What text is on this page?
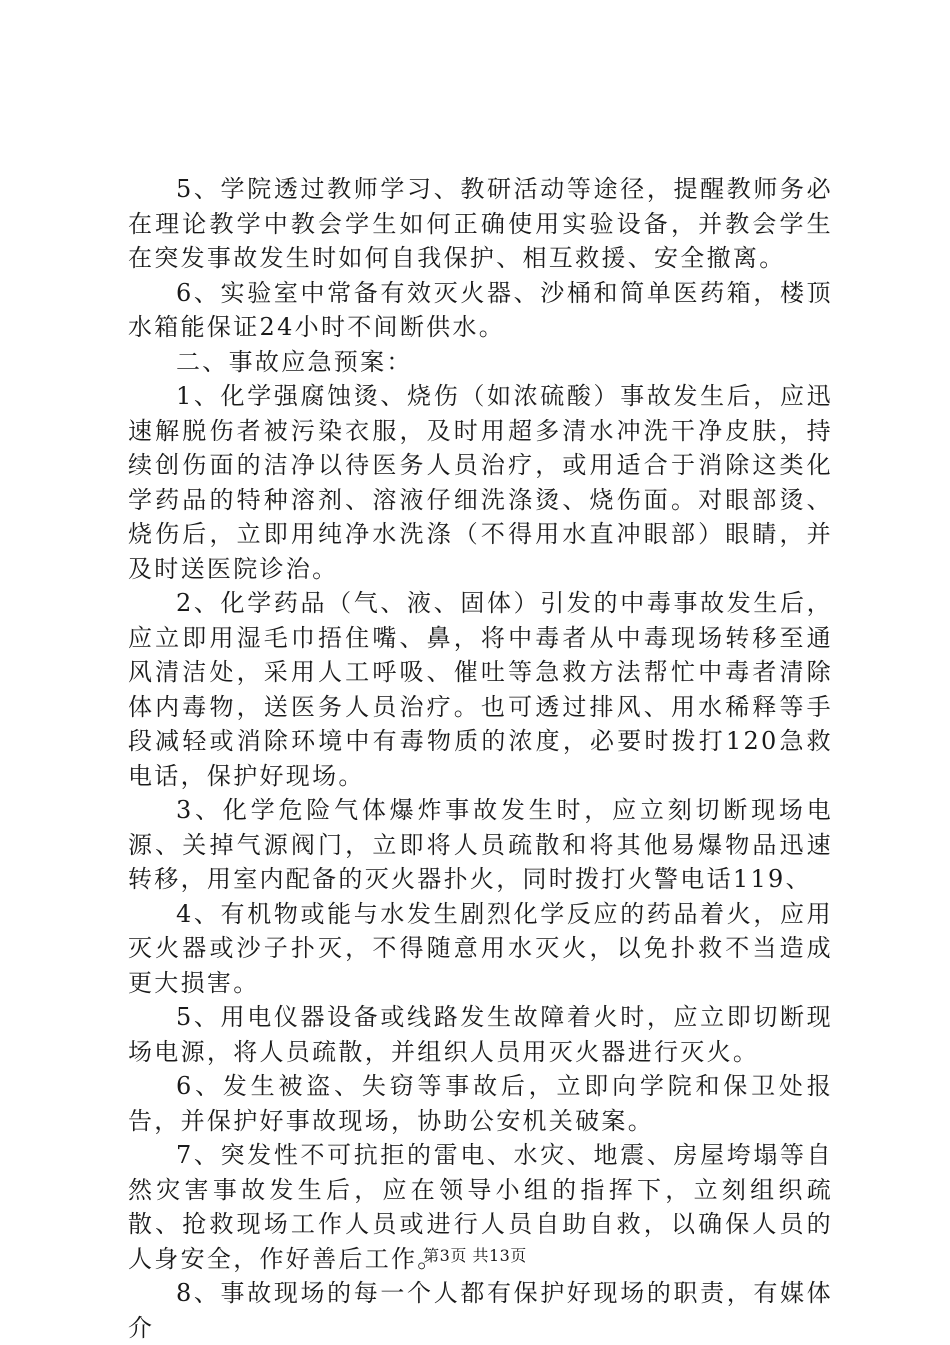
5、学院透过教师学习、教研活动等途径，提醒教师务必在理论教学中教会学生如何正确使用实验设备，并教会学生在突发事故发生时如何自我保护、相互救援、安全撤离。

6、实验室中常备有效灭火器、沙桶和简单医药箱，楼顶水箱能保证24小时不间断供水。

二、事故应急预案：

1、化学强腐蚀烫、烧伤（如浓硫酸）事故发生后，应迅速解脱伤者被污染衣服，及时用超多清水冲洗干净皮肤，持续创伤面的洁净以待医务人员治疗，或用适合于消除这类化学药品的特种溶剂、溶液仔细洗涤烫、烧伤面。对眼部烫、烧伤后，立即用纯净水洗涤（不得用水直冲眼部）眼睛，并及时送医院诊治。

2、化学药品（气、液、固体）引发的中毒事故发生后，应立即用湿毛巾捂住嘴、鼻，将中毒者从中毒现场转移至通风清洁处，采用人工呼吸、催吐等急救方法帮忙中毒者清除体内毒物，送医务人员治疗。也可透过排风、用水稀释等手段减轻或消除环境中有毒物质的浓度，必要时拨打120急救电话，保护好现场。

3、化学危险气体爆炸事故发生时，应立刻切断现场电源、关掉气源阀门，立即将人员疏散和将其他易爆物品迅速转移，用室内配备的灭火器扑火，同时拨打火警电话119、

4、有机物或能与水发生剧烈化学反应的药品着火，应用灭火器或沙子扑灭，不得随意用水灭火，以免扑救不当造成更大损害。

5、用电仪器设备或线路发生故障着火时，应立即切断现场电源，将人员疏散，并组织人员用灭火器进行灭火。

6、发生被盗、失窃等事故后，立即向学院和保卫处报告，并保护好事故现场，协助公安机关破案。

7、突发性不可抗拒的雷电、水灾、地震、房屋垮塌等自然灾害事故发生后，应在领导小组的指挥下，立刻组织疏散、抢救现场工作人员或进行人员自助自救，以确保人员的人身安全，作好善后工作。

8、事故现场的每一个人都有保护好现场的职责，有媒体介

第3页 共13页
